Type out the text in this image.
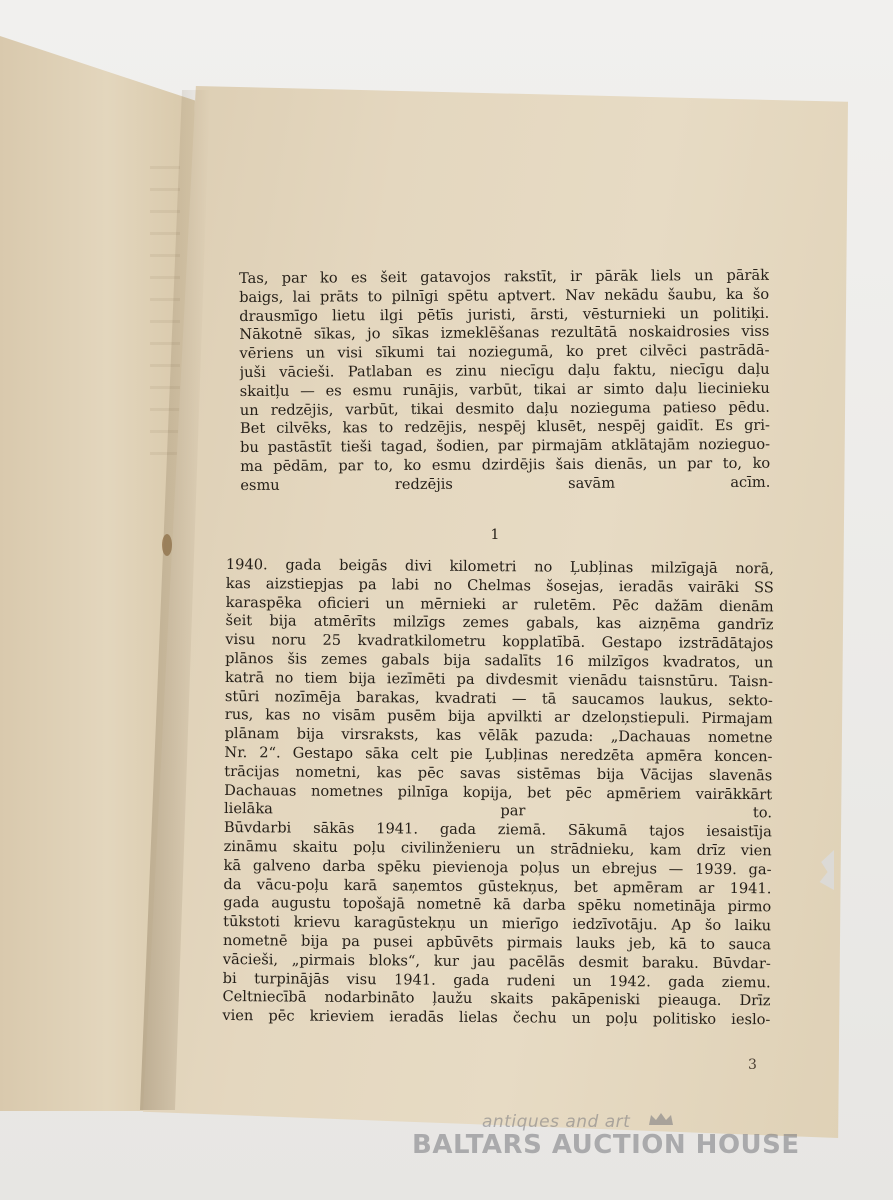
Tas, par ko es šeit gatavojos rakstīt, ir pārāk liels un pārāk
baigs, lai prāts to pilnīgi spētu aptvert. Nav nekādu šaubu, ka šo
drausmīgo lietu ilgi pētīs juristi, ārsti, vēsturnieki un politiķi.
Nākotnē sīkas, jo sīkas izmeklēšanas rezultātā noskaidrosies viss
vēriens un visi sīkumi tai noziegumā, ko pret cilvēci pastrādā-
juši vācieši. Patlaban es zinu niecīgu daļu faktu, niecīgu daļu
skaitļu — es esmu runājis, varbūt, tikai ar simto daļu liecinieku
un redzējis, varbūt, tikai desmito daļu nozieguma patieso pēdu.
Bet cilvēks, kas to redzējis, nespēj klusēt, nespēj gaidīt. Es gri-
bu pastāstīt tieši tagad, šodien, par pirmajām atklātajām nozieguo-
ma pēdām, par to, ko esmu dzirdējis šais dienās, un par to, ko
esmu redzējis savām acīm.
1
1940. gada beigās divi kilometri no Ļubļinas milzīgajā norā,
kas aizstiepjas pa labi no Chelmas šosejas, ieradās vairāki SS
karaspēka oficieri un mērnieki ar ruletēm. Pēc dažām dienām
šeit bija atmērīts milzīgs zemes gabals, kas aizņēma gandrīz
visu noru 25 kvadratkilometru kopplatībā. Gestapo izstrādātajos
plānos šis zemes gabals bija sadalīts 16 milzīgos kvadratos, un
katrā no tiem bija iezīmēti pa divdesmit vienādu taisnstūru. Taisn-
stūri nozīmēja barakas, kvadrati — tā saucamos laukus, sekto-
rus, kas no visām pusēm bija apvilkti ar dzeloņstiepuli. Pirmajam
plānam bija virsraksts, kas vēlāk pazuda: „Dachauas nometne
Nr. 2“. Gestapo sāka celt pie Ļubļinas neredzēta apmēra koncen-
trācijas nometni, kas pēc savas sistēmas bija Vācijas slavenās
Dachauas nometnes pilnīga kopija, bet pēc apmēriem vairākkārt
lielāka par to.
Būvdarbi sākās 1941. gada ziemā. Sākumā tajos iesaistīja
zināmu skaitu poļu civilinženieru un strādnieku, kam drīz vien
kā galveno darba spēku pievienoja poļus un ebrejus — 1939. ga-
da vācu-poļu karā saņemtos gūstekņus, bet apmēram ar 1941.
gada augustu topošajā nometnē kā darba spēku nometināja pirmo
tūkstoti krievu karagūstekņu un mierīgo iedzīvotāju. Ap šo laiku
nometnē bija pa pusei apbūvēts pirmais lauks jeb, kā to sauca
vācieši, „pirmais bloks“, kur jau pacēlās desmit baraku. Būvdar-
bi turpinājās visu 1941. gada rudeni un 1942. gada ziemu.
Celtniecībā nodarbināto ļaužu skaits pakāpeniski pieauga. Drīz
vien pēc krieviem ieradās lielas čechu un poļu politisko ieslo-
3
antiques and art
BALTARS AUCTION HOUSE
